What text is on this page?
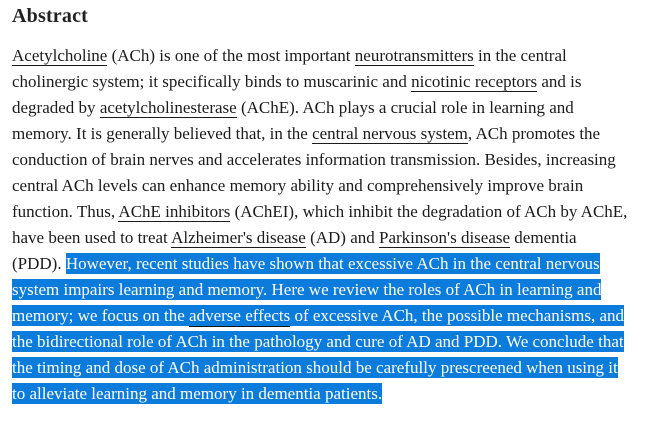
Abstract

Acetylcholine (ACh) is one of the most important neurotransmitters in the central cholinergic system; it specifically binds to muscarinic and nicotinic receptors and is degraded by acetylcholinesterase (AChE). ACh plays a crucial role in learning and memory. It is generally believed that, in the central nervous system, ACh promotes the conduction of brain nerves and accelerates information transmission. Besides, increasing central ACh levels can enhance memory ability and comprehensively improve brain function. Thus, AChE inhibitors (AChEI), which inhibit the degradation of ACh by AChE, have been used to treat Alzheimer's disease (AD) and Parkinson's disease dementia (PDD). However, recent studies have shown that excessive ACh in the central nervous system impairs learning and memory. Here we review the roles of ACh in learning and memory; we focus on the adverse effects of excessive ACh, the possible mechanisms, and the bidirectional role of ACh in the pathology and cure of AD and PDD. We conclude that the timing and dose of ACh administration should be carefully prescreened when using it to alleviate learning and memory in dementia patients.
